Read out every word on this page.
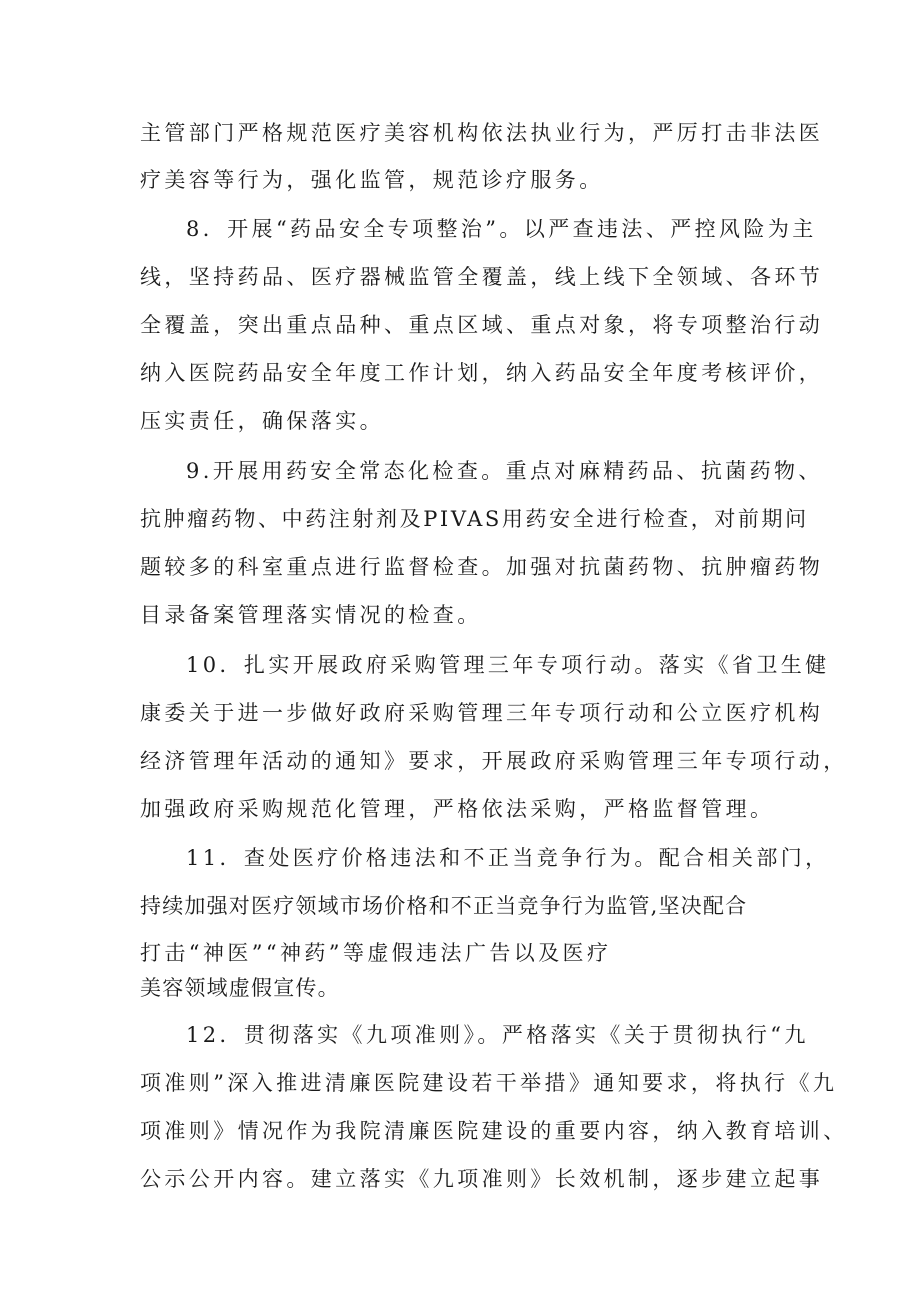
主管部门严格规范医疗美容机构依法执业行为，严厉打击非法医

疗美容等行为，强化监管，规范诊疗服务。

8．开展“药品安全专项整治”。以严查违法、严控风险为主

线，坚持药品、医疗器械监管全覆盖，线上线下全领域、各环节

全覆盖，突出重点品种、重点区域、重点对象，将专项整治行动

纳入医院药品安全年度工作计划，纳入药品安全年度考核评价，

压实责任，确保落实。

9.开展用药安全常态化检查。重点对麻精药品、抗菌药物、

抗肿瘤药物、中药注射剂及PIVAS用药安全进行检查，对前期问

题较多的科室重点进行监督检查。加强对抗菌药物、抗肿瘤药物

目录备案管理落实情况的检查。

10．扎实开展政府采购管理三年专项行动。落实《省卫生健

康委关于进一步做好政府采购管理三年专项行动和公立医疗机构

经济管理年活动的通知》要求，开展政府采购管理三年专项行动，

加强政府采购规范化管理，严格依法采购，严格监督管理。

11．查处医疗价格违法和不正当竞争行为。配合相关部门，

持续加强对医疗领域市场价格和不正当竞争行为监管,坚决配合

打击“神医”“神药”等虚假违法广告以及医疗

美容领域虚假宣传。

12．贯彻落实《九项准则》。严格落实《关于贯彻执行“九

项准则”深入推进清廉医院建设若干举措》通知要求，将执行《九

项准则》情况作为我院清廉医院建设的重要内容，纳入教育培训、

公示公开内容。建立落实《九项准则》长效机制，逐步建立起事
